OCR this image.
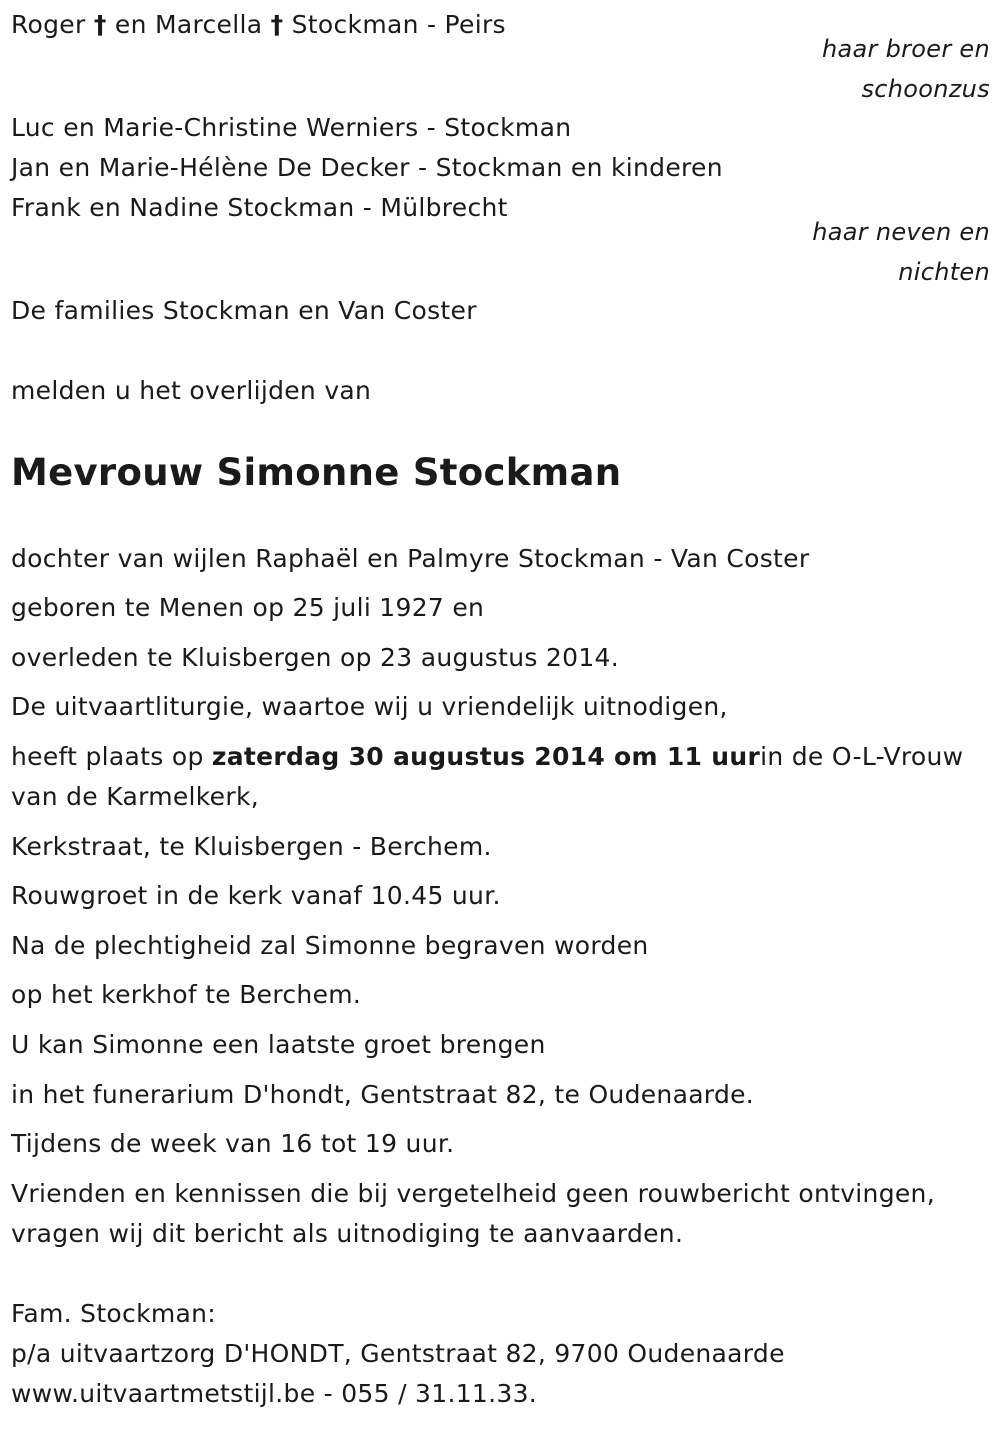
Roger † en Marcella † Stockman - Peirs
haar broer en
schoonzus
Luc en Marie-Christine Werniers - Stockman
Jan en Marie-Hélène De Decker - Stockman en kinderen
Frank en Nadine Stockman - Mülbrecht
haar neven en
nichten
De families Stockman en Van Coster
melden u het overlijden van
Mevrouw Simonne Stockman
dochter van wijlen Raphaël en Palmyre Stockman - Van Coster
geboren te Menen op 25 juli 1927 en
overleden te Kluisbergen op 23 augustus 2014.
De uitvaartliturgie, waartoe wij u vriendelijk uitnodigen,
heeft plaats op zaterdag 30 augustus 2014 om 11 uurin de O-L-Vrouw
van de Karmelkerk,
Kerkstraat, te Kluisbergen - Berchem.
Rouwgroet in de kerk vanaf 10.45 uur.
Na de plechtigheid zal Simonne begraven worden
op het kerkhof te Berchem.
U kan Simonne een laatste groet brengen
in het funerarium D'hondt, Gentstraat 82, te Oudenaarde.
Tijdens de week van 16 tot 19 uur.
Vrienden en kennissen die bij vergetelheid geen rouwbericht ontvingen,
vragen wij dit bericht als uitnodiging te aanvaarden.
Fam. Stockman:
p/a uitvaartzorg D'HONDT, Gentstraat 82, 9700 Oudenaarde
www.uitvaartmetstijl.be - 055 / 31.11.33.
